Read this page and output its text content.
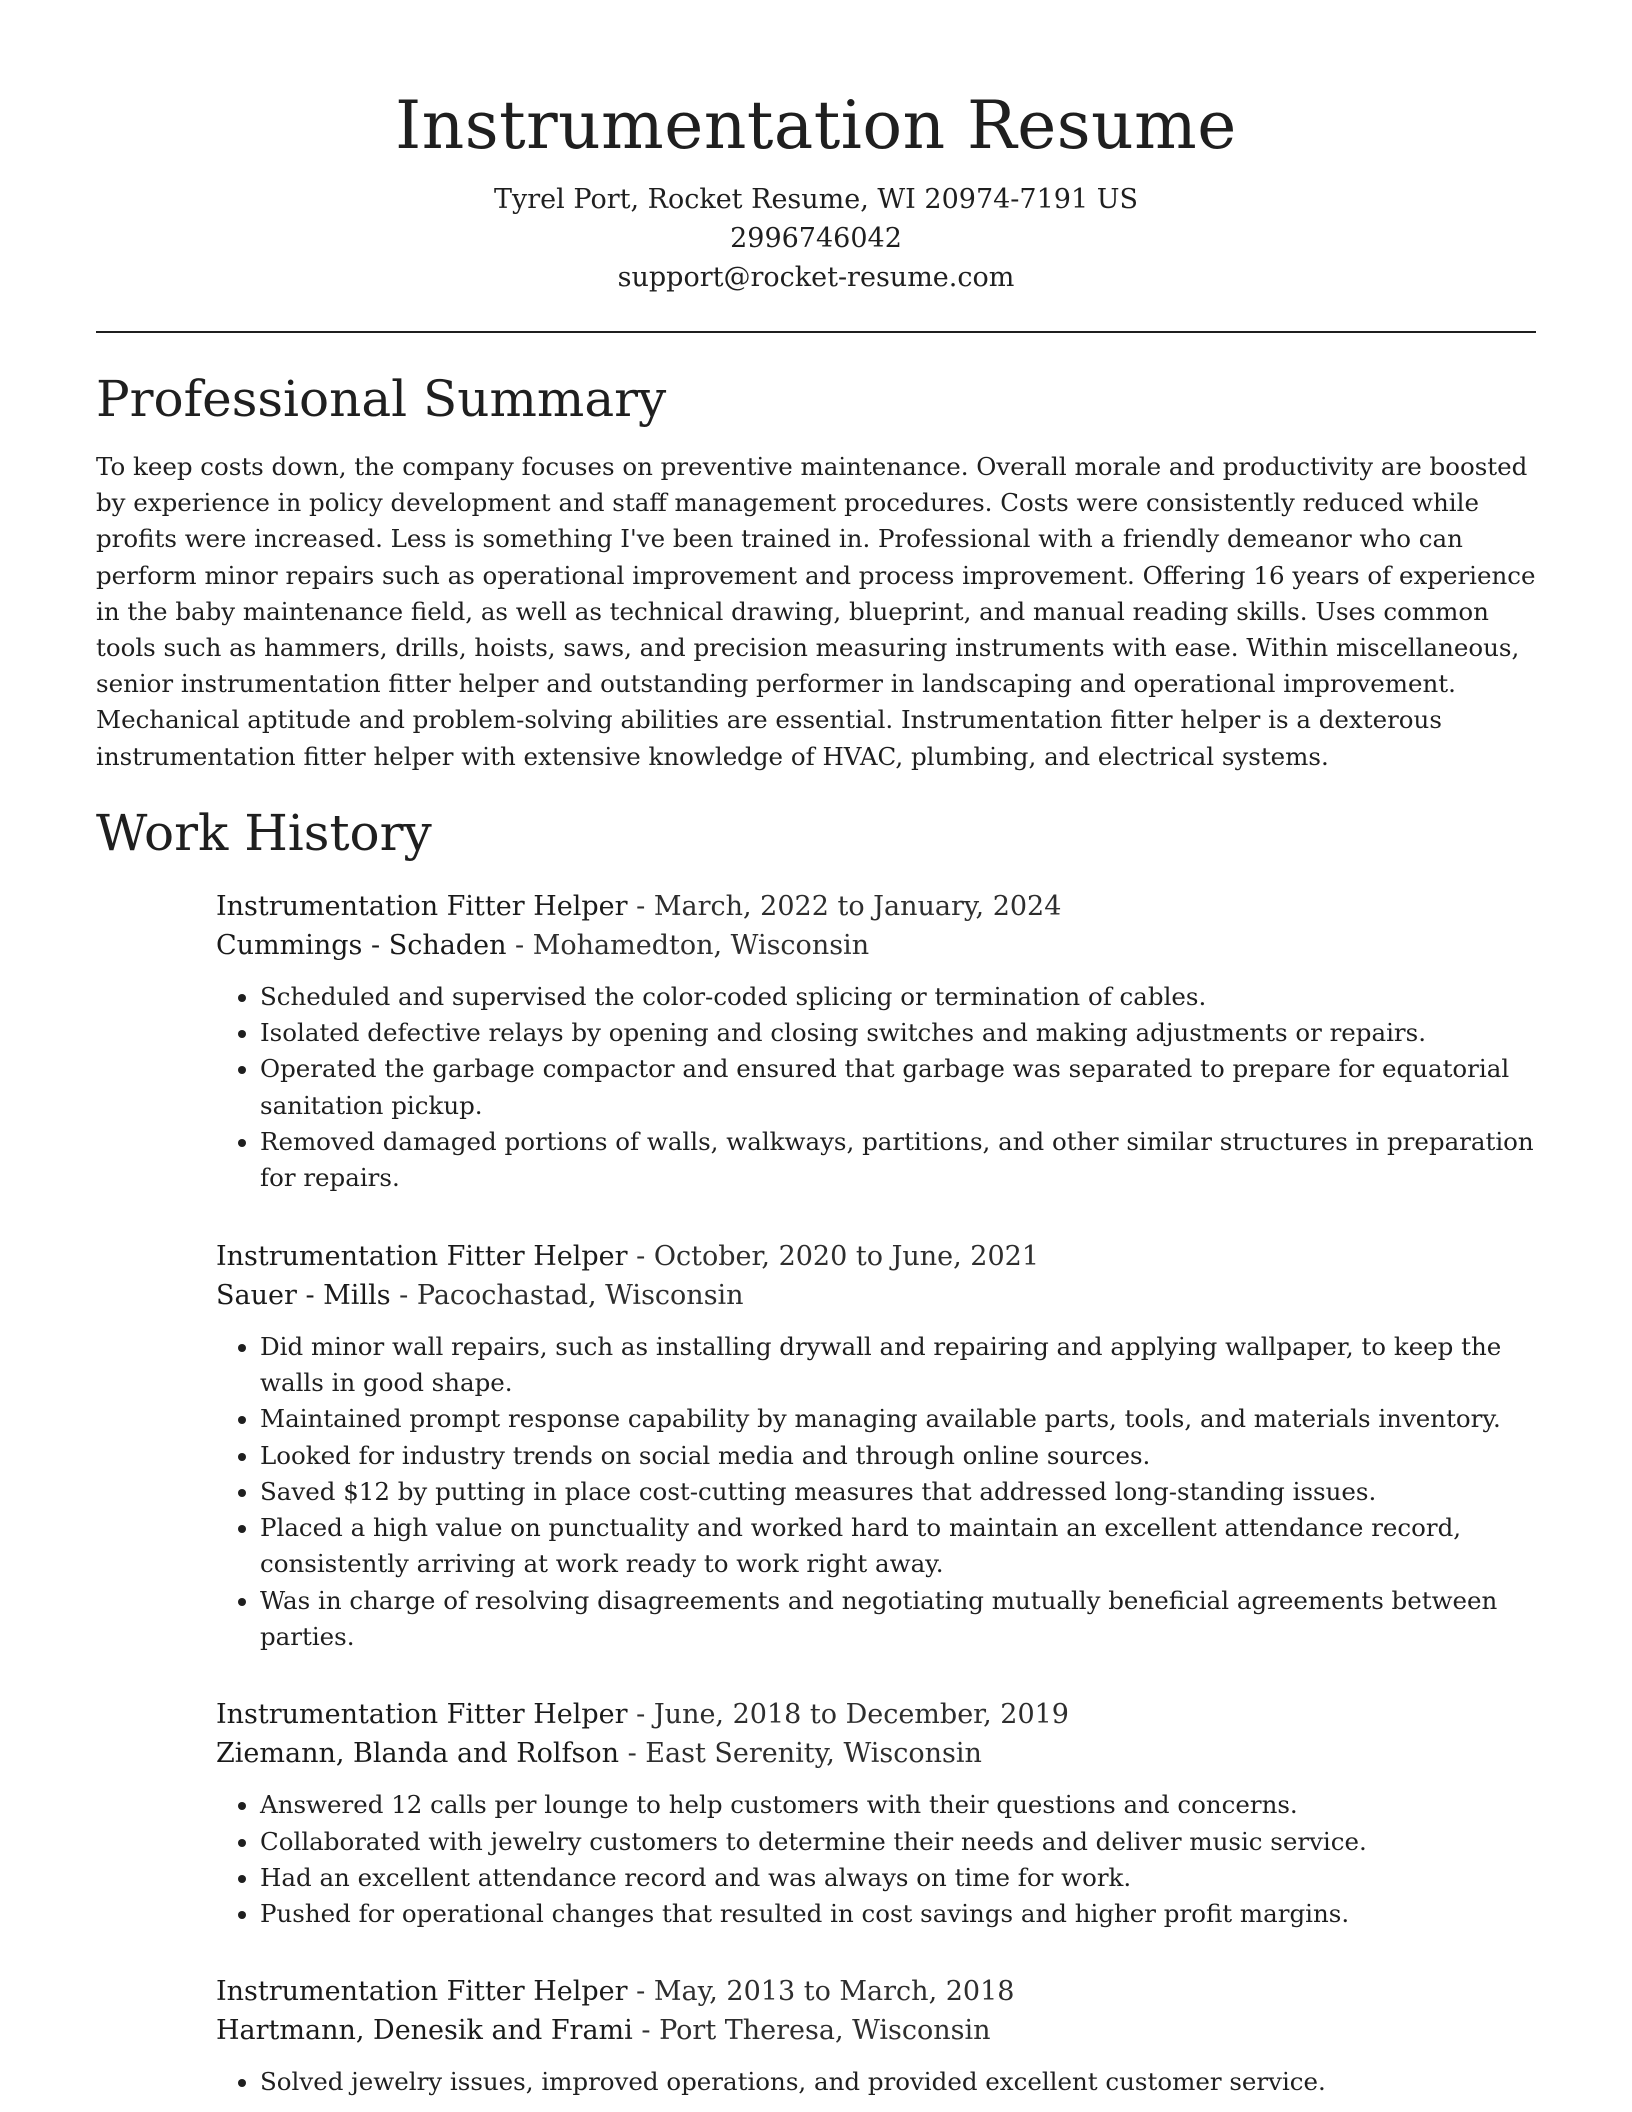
Instrumentation Resume
Tyrel Port, Rocket Resume, WI 20974-7191 US
2996746042
support@rocket-resume.com
Professional Summary

To keep costs down, the company focuses on preventive maintenance. Overall morale and productivity are boosted by experience in policy development and staff management procedures. Costs were consistently reduced while profits were increased. Less is something I've been trained in. Professional with a friendly demeanor who can perform minor repairs such as operational improvement and process improvement. Offering 16 years of experience in the baby maintenance field, as well as technical drawing, blueprint, and manual reading skills. Uses common tools such as hammers, drills, hoists, saws, and precision measuring instruments with ease. Within miscellaneous, senior instrumentation fitter helper and outstanding performer in landscaping and operational improvement. Mechanical aptitude and problem-solving abilities are essential. Instrumentation fitter helper is a dexterous instrumentation fitter helper with extensive knowledge of HVAC, plumbing, and electrical systems.

Work History

Instrumentation Fitter Helper - March, 2022 to January, 2024

Cummings - Schaden - Mohamedton, Wisconsin

• Scheduled and supervised the color-coded splicing or termination of cables.
• Isolated defective relays by opening and closing switches and making adjustments or repairs.
• Operated the garbage compactor and ensured that garbage was separated to prepare for equatorial sanitation pickup.
• Removed damaged portions of walls, walkways, partitions, and other similar structures in preparation for repairs.

Instrumentation Fitter Helper - October, 2020 to June, 2021

Sauer - Mills - Pacochastad, Wisconsin

• Did minor wall repairs, such as installing drywall and repairing and applying wallpaper, to keep the walls in good shape.
• Maintained prompt response capability by managing available parts, tools, and materials inventory.
• Looked for industry trends on social media and through online sources.
• Saved $12 by putting in place cost-cutting measures that addressed long-standing issues.
• Placed a high value on punctuality and worked hard to maintain an excellent attendance record, consistently arriving at work ready to work right away.
• Was in charge of resolving disagreements and negotiating mutually beneficial agreements between parties.

Instrumentation Fitter Helper - June, 2018 to December, 2019

Ziemann, Blanda and Rolfson - East Serenity, Wisconsin

• Answered 12 calls per lounge to help customers with their questions and concerns.
• Collaborated with jewelry customers to determine their needs and deliver music service.
• Had an excellent attendance record and was always on time for work.
• Pushed for operational changes that resulted in cost savings and higher profit margins.

Instrumentation Fitter Helper - May, 2013 to March, 2018

Hartmann, Denesik and Frami - Port Theresa, Wisconsin

• Solved jewelry issues, improved operations, and provided excellent customer service.
